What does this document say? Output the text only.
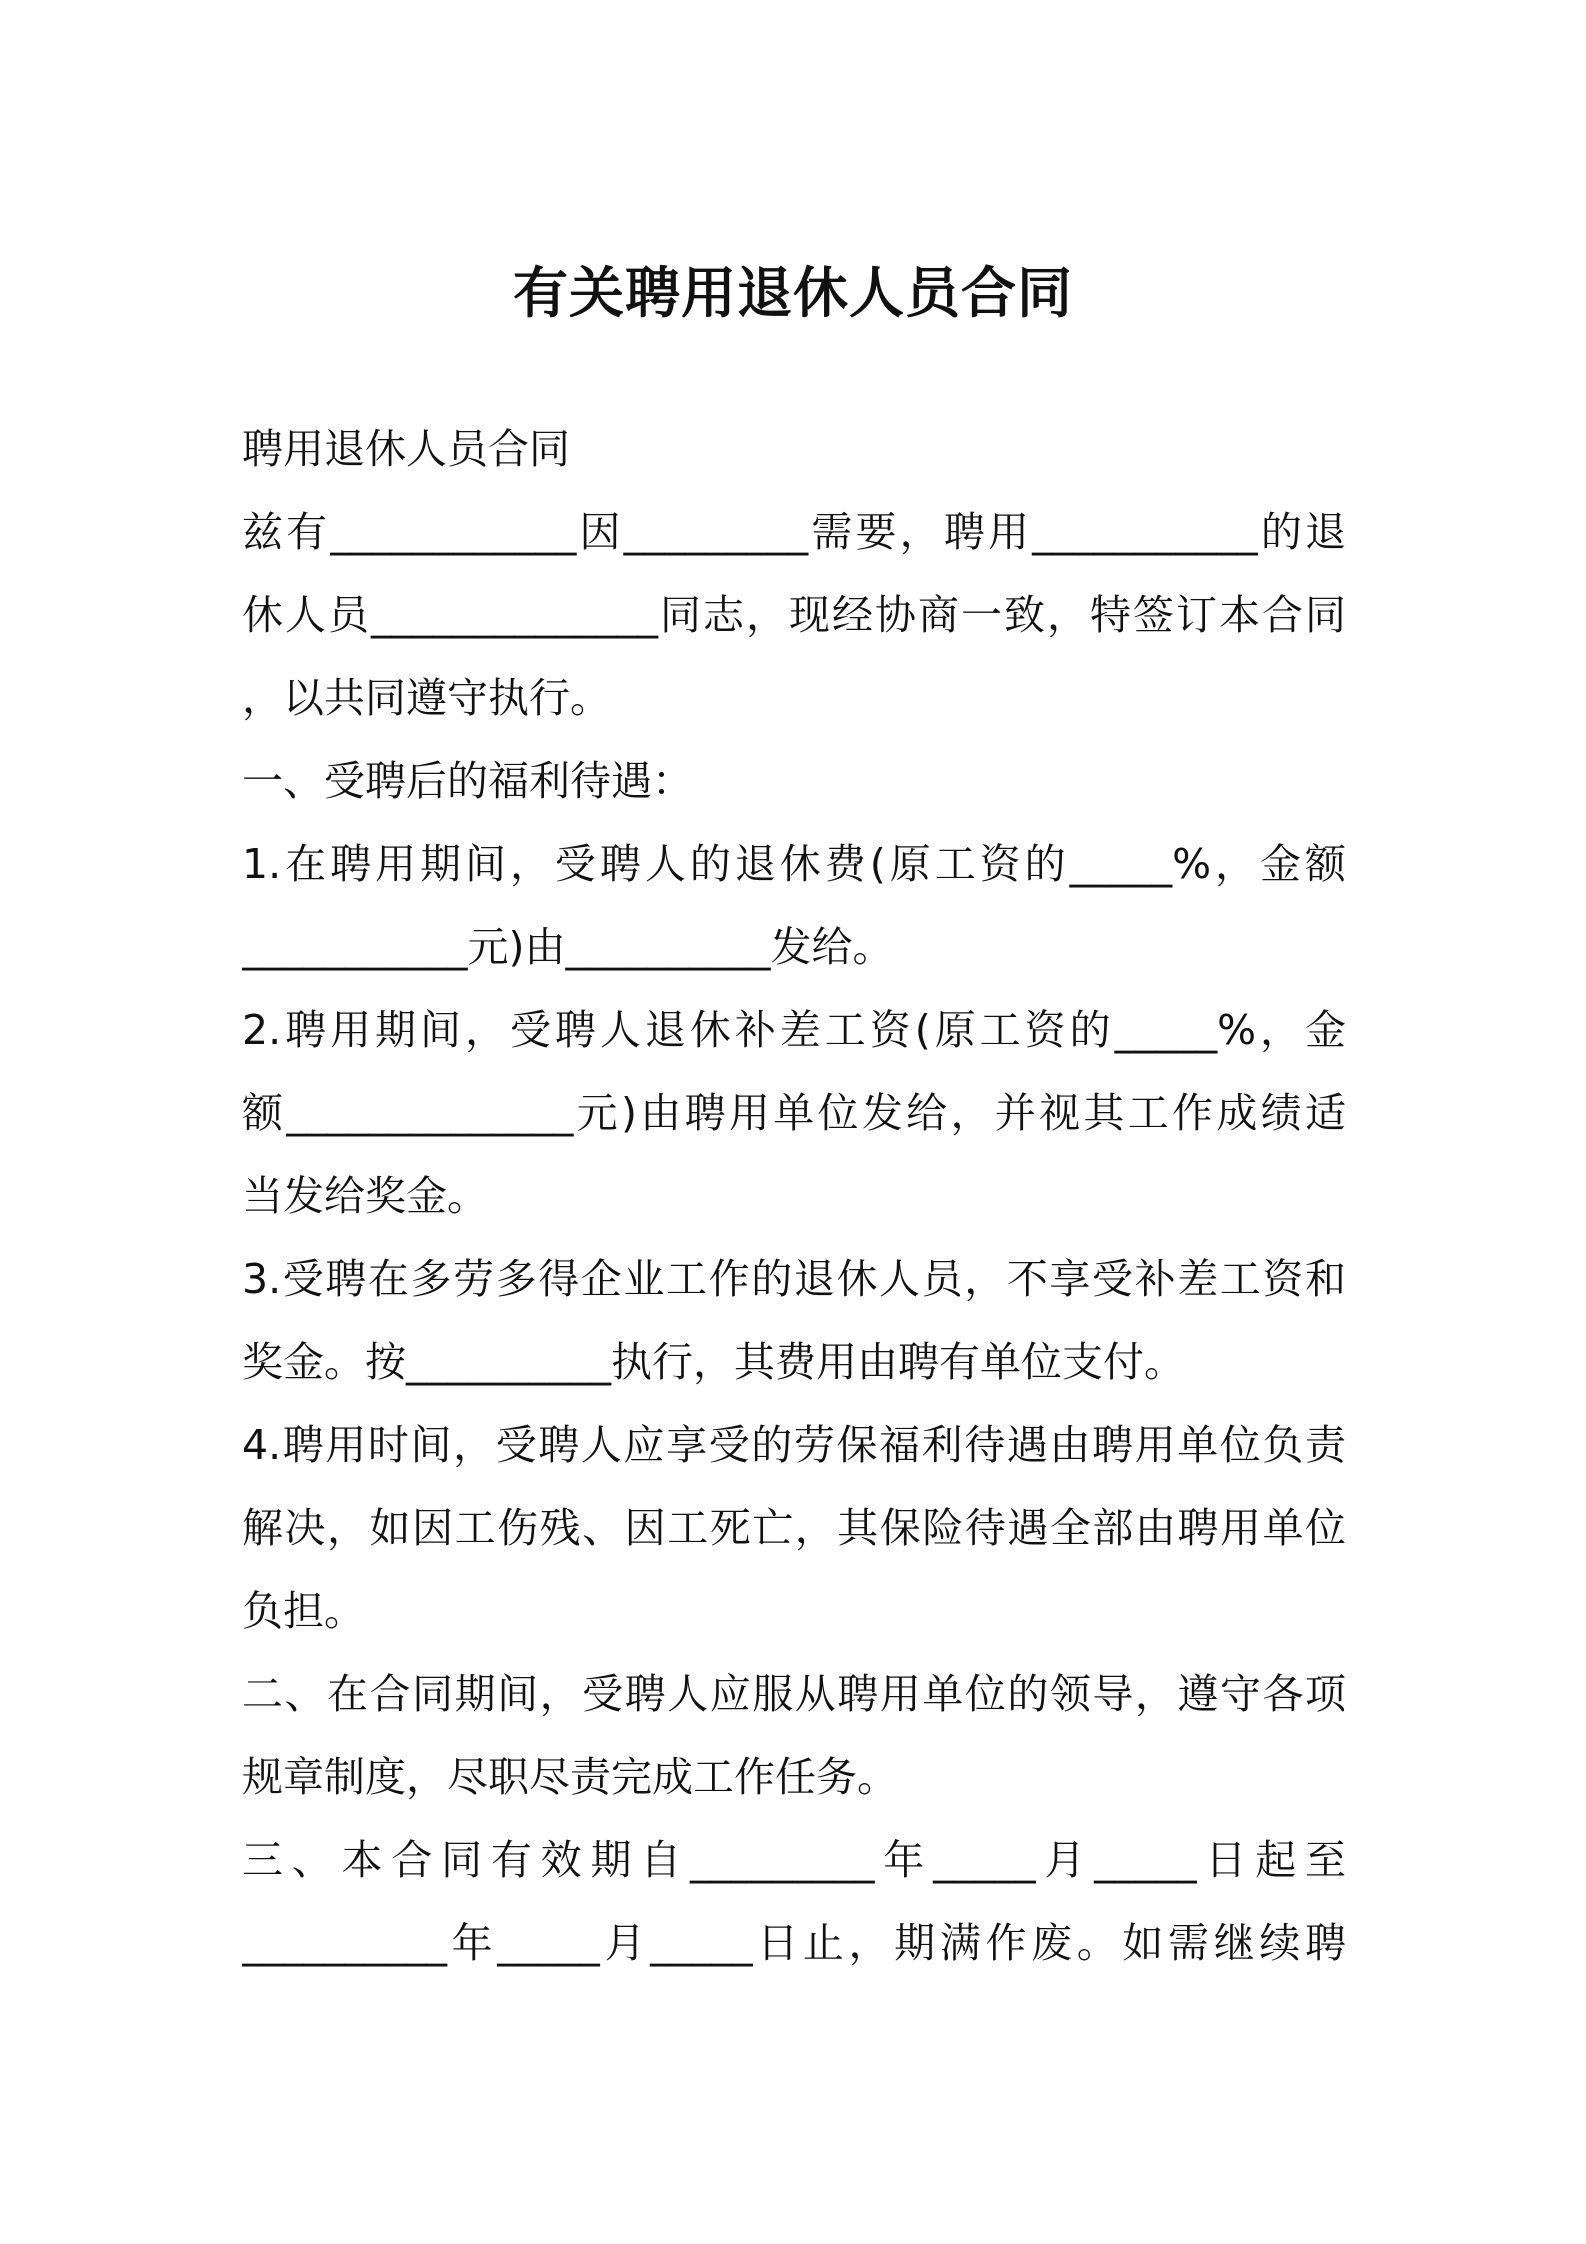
有关聘用退休人员合同
聘用退休人员合同
兹有____________因_________需要，聘用___________的退
休人员______________同志，现经协商一致，特签订本合同
，以共同遵守执行。
一、受聘后的福利待遇：
1.在聘用期间，受聘人的退休费(原工资的_____%，金额
___________元)由__________发给。
2.聘用期间，受聘人退休补差工资(原工资的_____%，金
额______________元)由聘用单位发给，并视其工作成绩适
当发给奖金。
3.受聘在多劳多得企业工作的退休人员，不享受补差工资和
奖金。按__________执行，其费用由聘有单位支付。
4.聘用时间，受聘人应享受的劳保福利待遇由聘用单位负责
解决，如因工伤残、因工死亡，其保险待遇全部由聘用单位
负担。
二、在合同期间，受聘人应服从聘用单位的领导，遵守各项
规章制度，尽职尽责完成工作任务。
三、本合同有效期自_________年_____月_____日起至
__________年_____月_____日止，期满作废。如需继续聘
